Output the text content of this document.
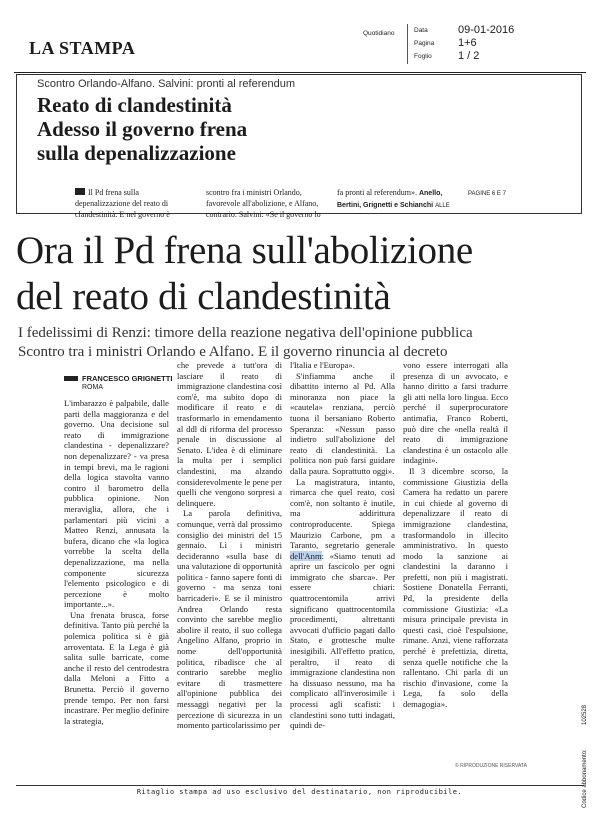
LA STAMPA
Quotidiano	Data	09-01-2016
Pagina	1+6
Foglio	1 / 2
Scontro Orlando-Alfano. Salvini: pronti al referendum
Reato di clandestinità
Adesso il governo frena
sulla depenalizzazione
Il Pd frena sulla depenalizzazione del reato di clandestinità. E nel governo è scontro fra i ministri Orlando, favorevole all'abolizione, e Alfano, contrario. Salvini: «Se il governo lo fa pronti al referendum». Anello, Bertini, Grignetti e Schianchi ALLE PAGINE 6 E 7
Ora il Pd frena sull'abolizione
del reato di clandestinità
I fedelissimi di Renzi: timore della reazione negativa dell'opinione pubblica
Scontro tra i ministri Orlando e Alfano. E il governo rinuncia al decreto
FRANCESCO GRIGNETTI
ROMA

L'imbarazzo è palpabile, dalle parti della maggioranza e del governo. Una decisione sul reato di immigrazione clandestina - depenalizzare? non depenalizzare? - va presa in tempi brevi, ma le ragioni della logica stavolta vanno contro il barometro della pubblica opinione. Non meraviglia, allora, che i parlamentari più vicini a Matteo Renzi, annusata la bufera, dicano che «la logica vorrebbe la scelta della depenalizzazione, ma nella componente sicurezza l'elemento psicologico e di percezione è molto importante...».

Una frenata brusca, forse definitiva. Tanto più perché la polemica politica si è già arroventata. E la Lega è già salita sulle barricate, come anche il resto del centrodestra dalla Meloni a Fitto a Brunetta. Perciò il governo prende tempo. Per non farsi incastrare. Per meglio definire la strategia,

che prevede a tutt'ora di lasciare il reato di immigrazione clandestina così com'è, ma subito dopo di modificare il reato e di trasformarlo in emendamento al ddl di riforma del processo penale in discussione al Senato. L'idea è di eliminare la multa per i semplici clandestini, ma alzando considerevolmente le pene per quelli che vengono sorpresi a delinquere.

La parola definitiva, comunque, verrà dal prossimo consiglio dei ministri del 15 gennaio. Lì i ministri decideranno «sulla base di una valutazione di opportunità politica - fanno sapere fonti di governo - ma senza toni barricaderi». E se il ministro Andrea Orlando resta convinto che sarebbe meglio abolire il reato, il suo collega Angelino Alfano, proprio in nome dell'opportunità politica, ribadisce che al contrario sarebbe meglio evitare di trasmettere all'opinione pubblica dei messaggi negativi per la percezione di sicurezza in un momento particolarissimo per

l'Italia e l'Europa».

S'infiamma anche il dibattito interno al Pd. Alla minoranza non piace la «cautela» renziana, perciò tuona il bersaniano Roberto Speranza: «Nessun passo indietro sull'abolizione del reato di clandestinità. La politica non può farsi guidare dalla paura. Soprattutto oggi».

La magistratura, intanto, rimarca che quel reato, così com'è, non soltanto è inutile, ma addirittura controproducente. Spiega Maurizio Carbone, pm a Taranto, segretario generale dell'Anm: «Siamo tenuti ad aprire un fascicolo per ogni immigrato che sbarca». Per essere chiari: quattrocentomila arrivi significano quattrocentomila procedimenti, altrettanti avvocati d'ufficio pagati dallo Stato, e grottesche multe inesigibili. All'effetto pratico, peraltro, il reato di immigrazione clandestina non ha dissuaso nessuno, ma ha complicato all'inverosimile i processi agli scafisti: i clandestini sono tutti indagati, quindi de-

vono essere interrogati alla presenza di un avvocato, e hanno diritto a farsi tradurre gli atti nella loro lingua. Ecco perché il superprocuratore antimafia, Franco Roberti, può dire che «nella realtà il reato di immigrazione clandestina è un ostacolo alle indagini».

Il 3 dicembre scorso, la commissione Giustizia della Camera ha redatto un parere in cui chiede al governo di depenalizzare il reato di immigrazione clandestina, trasformandolo in illecito amministrativo. In questo modo la sanzione ai clandestini la daranno i prefetti, non più i magistrati. Sostiene Donatella Ferranti, Pd, la presidente della commissione Giustizia: «La misura principale prevista in questi casi, cioè l'espulsione, rimane. Anzi, viene rafforzata perché è prefettizia, diretta, senza quelle notifiche che la rallentano. Chi parla di un rischio d'invasione, come la Lega, fa solo della demagogia».

© RIPRODUZIONE RISERVATA	Codice abbonamento:
102528
Ritaglio stampa ad uso esclusivo del destinatario, non riproducibile.
